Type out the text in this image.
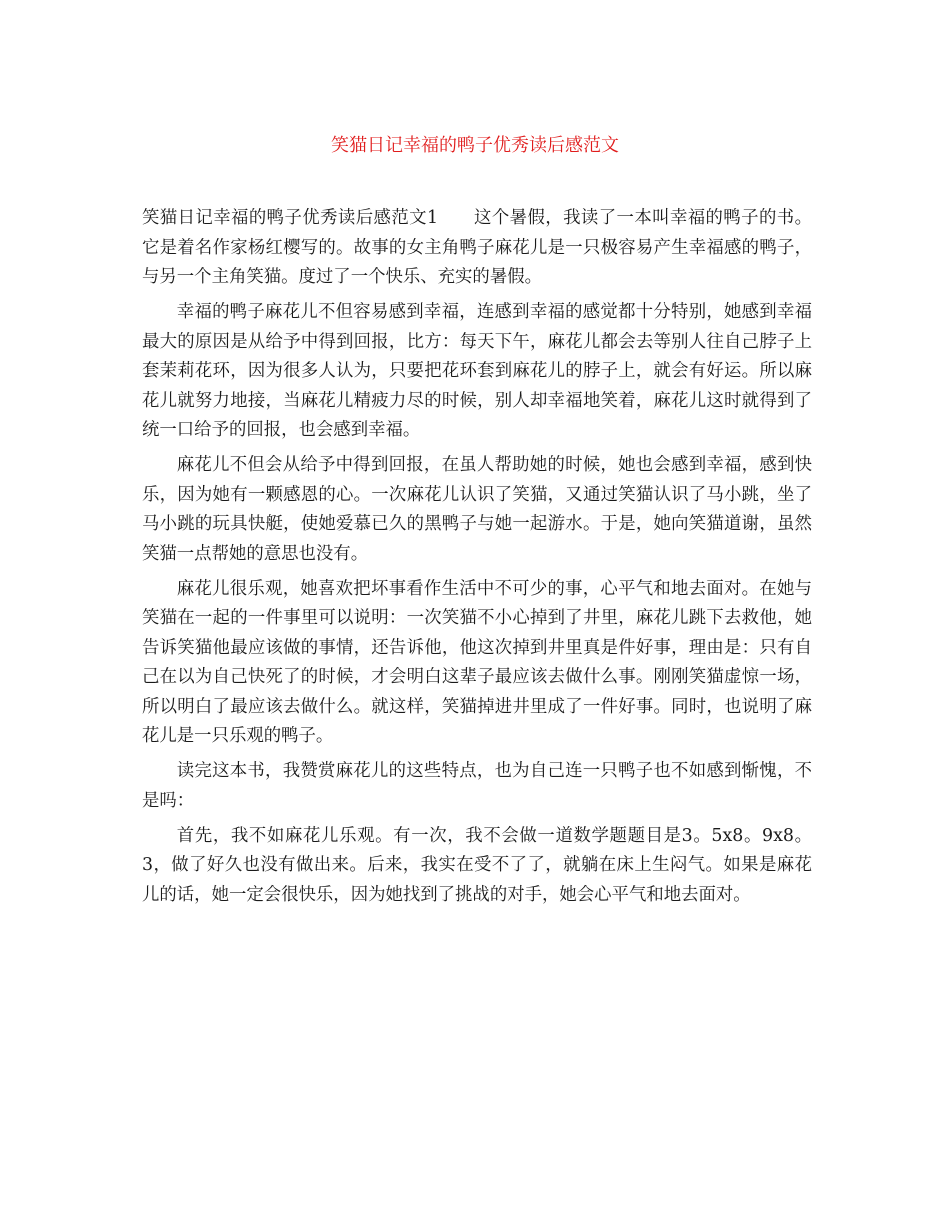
笑猫日记幸福的鸭子优秀读后感范文

笑猫日记幸福的鸭子优秀读后感范文1　　这个暑假，我读了一本叫幸福的鸭子的书。它是着名作家杨红樱写的。故事的女主角鸭子麻花儿是一只极容易产生幸福感的鸭子，与另一个主角笑猫。度过了一个快乐、充实的暑假。

幸福的鸭子麻花儿不但容易感到幸福，连感到幸福的感觉都十分特别，她感到幸福最大的原因是从给予中得到回报，比方：每天下午，麻花儿都会去等别人往自己脖子上套茉莉花环，因为很多人认为，只要把花环套到麻花儿的脖子上，就会有好运。所以麻花儿就努力地接，当麻花儿精疲力尽的时候，别人却幸福地笑着，麻花儿这时就得到了统一口给予的回报，也会感到幸福。

麻花儿不但会从给予中得到回报，在虽人帮助她的时候，她也会感到幸福，感到快乐，因为她有一颗感恩的心。一次麻花儿认识了笑猫，又通过笑猫认识了马小跳，坐了马小跳的玩具快艇，使她爱慕已久的黑鸭子与她一起游水。于是，她向笑猫道谢，虽然笑猫一点帮她的意思也没有。

麻花儿很乐观，她喜欢把坏事看作生活中不可少的事，心平气和地去面对。在她与笑猫在一起的一件事里可以说明：一次笑猫不小心掉到了井里，麻花儿跳下去救他，她告诉笑猫他最应该做的事情，还告诉他，他这次掉到井里真是件好事，理由是：只有自己在以为自己快死了的时候，才会明白这辈子最应该去做什么事。刚刚笑猫虚惊一场，所以明白了最应该去做什么。就这样，笑猫掉进井里成了一件好事。同时，也说明了麻花儿是一只乐观的鸭子。

读完这本书，我赞赏麻花儿的这些特点，也为自己连一只鸭子也不如感到惭愧，不是吗：

首先，我不如麻花儿乐观。有一次，我不会做一道数学题题目是3。5x8。9x8。3，做了好久也没有做出来。后来，我实在受不了了，就躺在床上生闷气。如果是麻花儿的话，她一定会很快乐，因为她找到了挑战的对手，她会心平气和地去面对。
